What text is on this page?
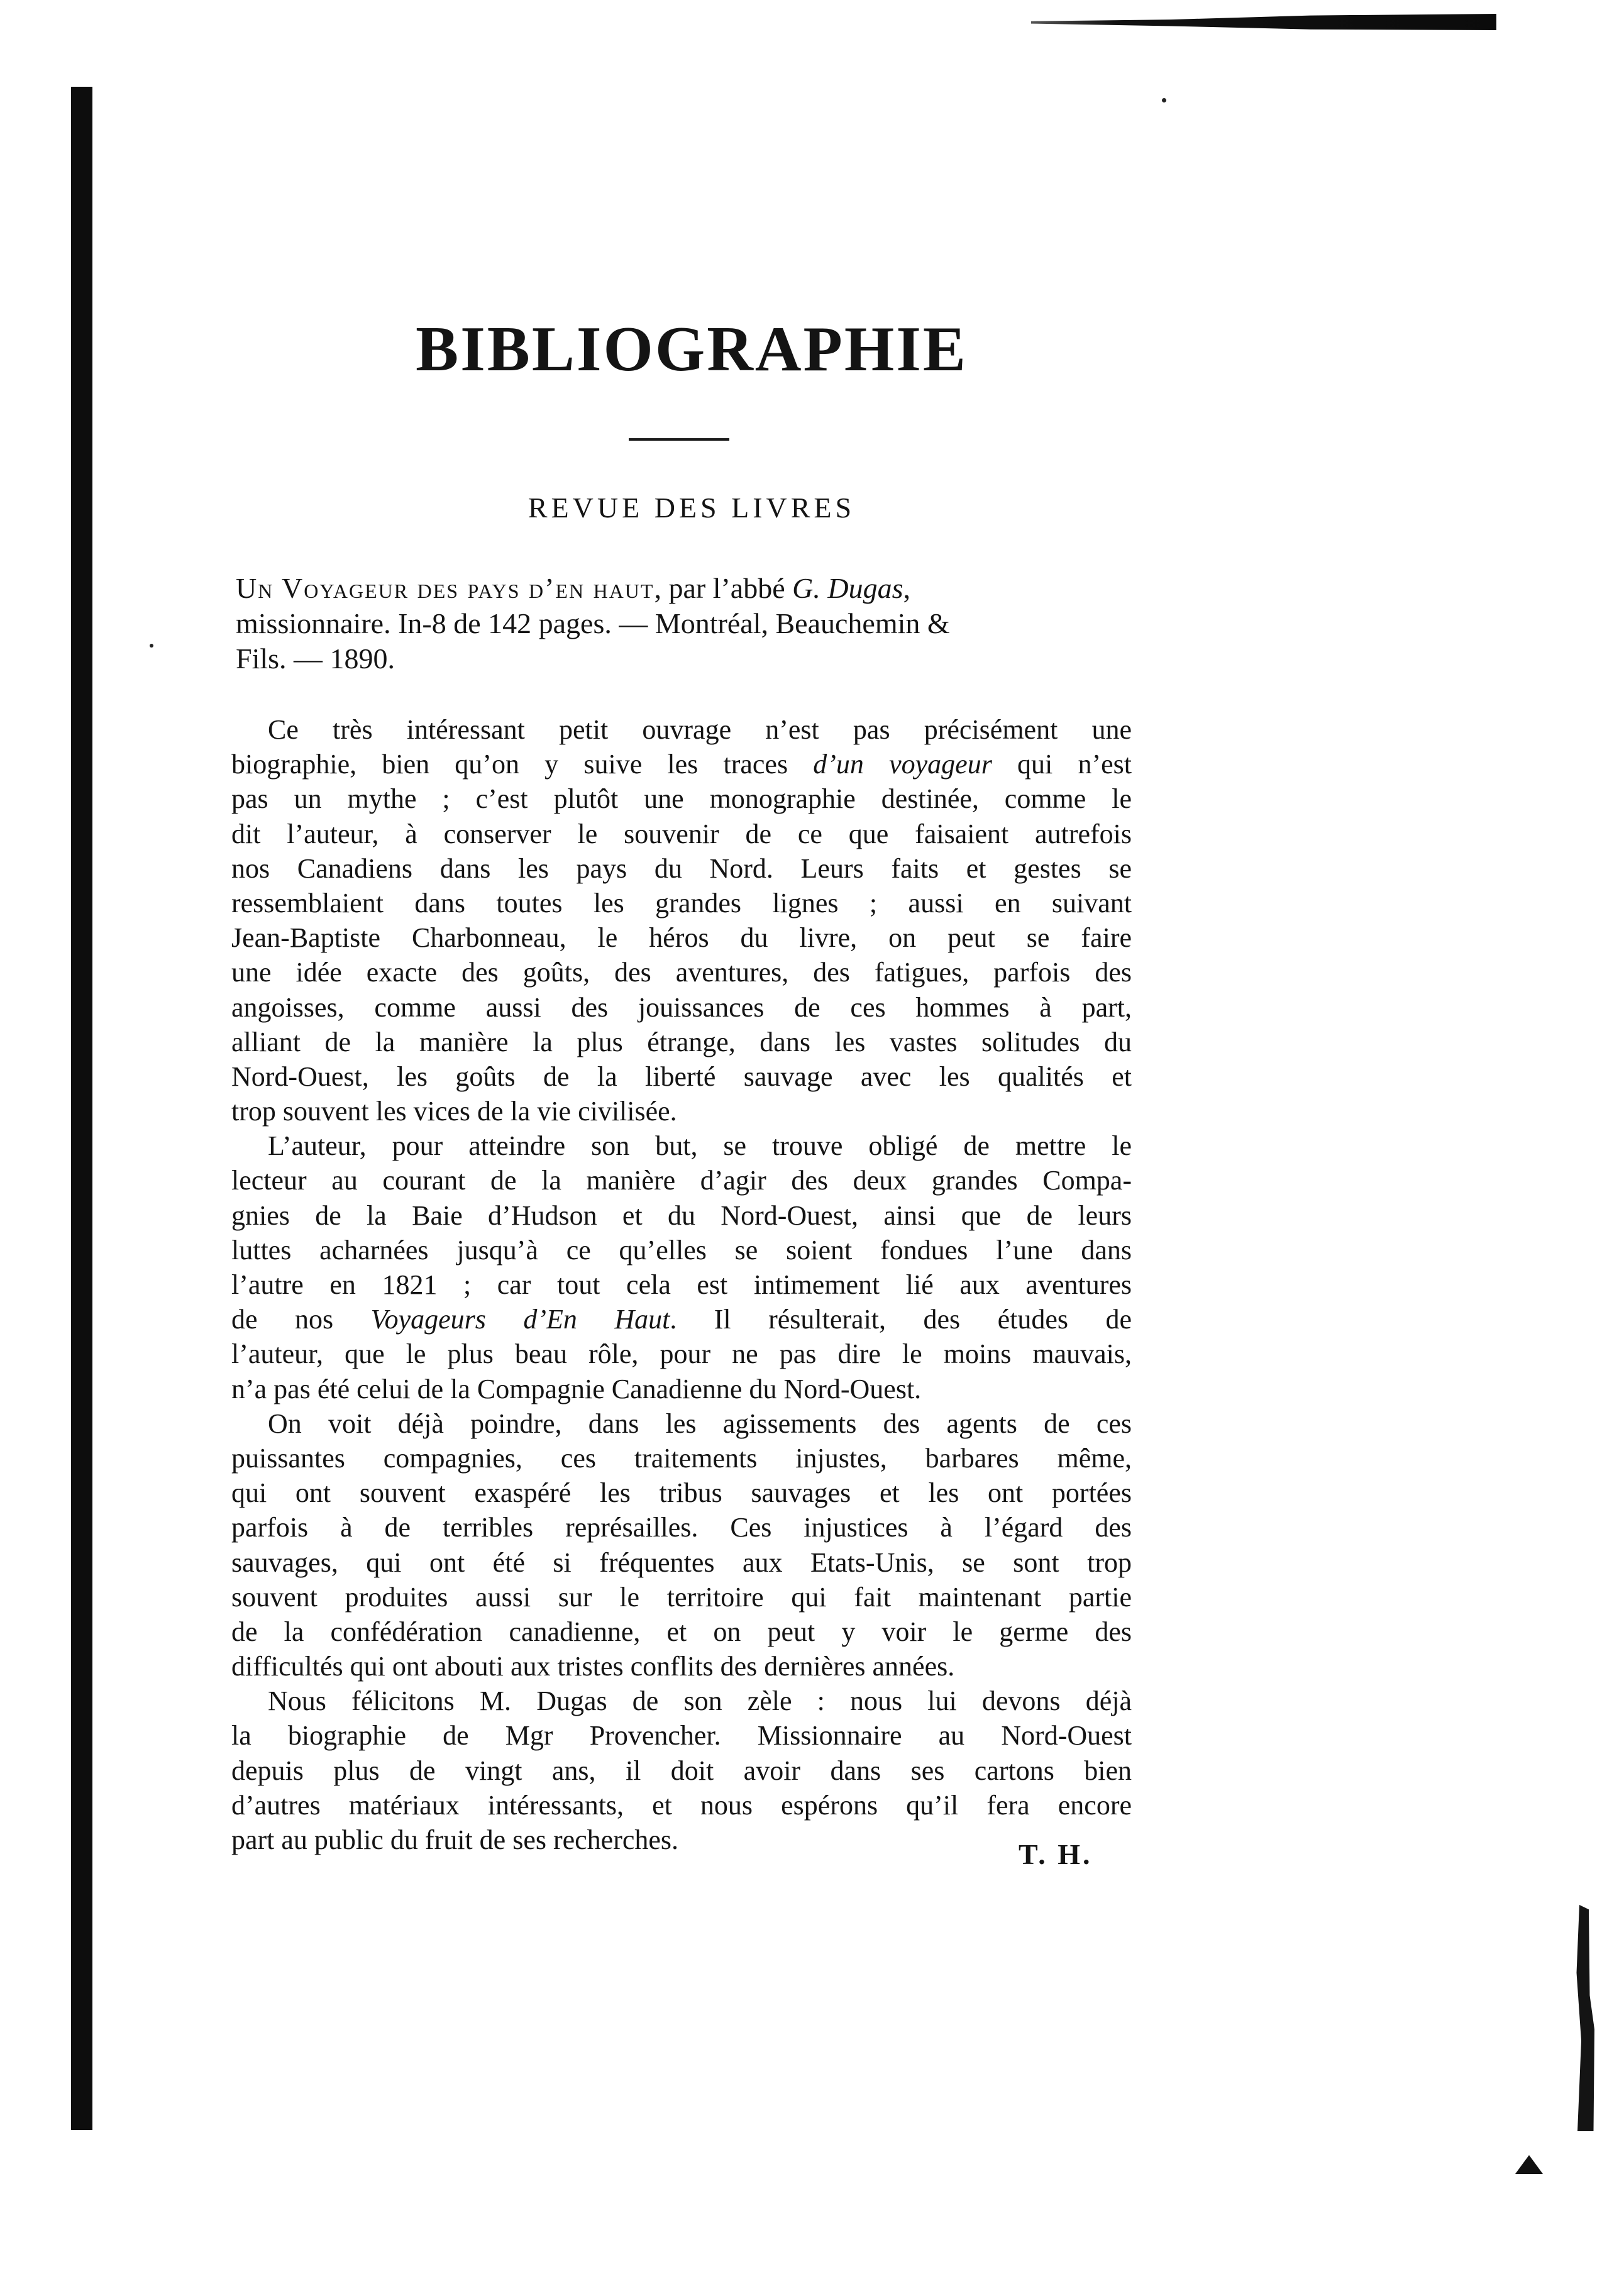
BIBLIOGRAPHIE
REVUE DES LIVRES
Un Voyageur des pays d’en haut, par l’abbé G. Dugas,
missionnaire. In-8 de 142 pages. — Montréal, Beauchemin &
Fils. — 1890.
Ce très intéressant petit ouvrage n’est pas précisément une
biographie, bien qu’on y suive les traces d’un voyageur qui n’est
pas un mythe ; c’est plutôt une monographie destinée, comme le
dit l’auteur, à conserver le souvenir de ce que faisaient autrefois
nos Canadiens dans les pays du Nord. Leurs faits et gestes se
ressemblaient dans toutes les grandes lignes ; aussi en suivant
Jean-Baptiste Charbonneau, le héros du livre, on peut se faire
une idée exacte des goûts, des aventures, des fatigues, parfois des
angoisses, comme aussi des jouissances de ces hommes à part,
alliant de la manière la plus étrange, dans les vastes solitudes du
Nord-Ouest, les goûts de la liberté sauvage avec les qualités et
trop souvent les vices de la vie civilisée.
L’auteur, pour atteindre son but, se trouve obligé de mettre le
lecteur au courant de la manière d’agir des deux grandes Compa-
gnies de la Baie d’Hudson et du Nord-Ouest, ainsi que de leurs
luttes acharnées jusqu’à ce qu’elles se soient fondues l’une dans
l’autre en 1821 ; car tout cela est intimement lié aux aventures
de nos Voyageurs d’En Haut. Il résulterait, des études de
l’auteur, que le plus beau rôle, pour ne pas dire le moins mauvais,
n’a pas été celui de la Compagnie Canadienne du Nord-Ouest.
On voit déjà poindre, dans les agissements des agents de ces
puissantes compagnies, ces traitements injustes, barbares même,
qui ont souvent exaspéré les tribus sauvages et les ont portées
parfois à de terribles représailles. Ces injustices à l’égard des
sauvages, qui ont été si fréquentes aux Etats-Unis, se sont trop
souvent produites aussi sur le territoire qui fait maintenant partie
de la confédération canadienne, et on peut y voir le germe des
difficultés qui ont abouti aux tristes conflits des dernières années.
Nous félicitons M. Dugas de son zèle : nous lui devons déjà
la biographie de Mgr Provencher. Missionnaire au Nord-Ouest
depuis plus de vingt ans, il doit avoir dans ses cartons bien
d’autres matériaux intéressants, et nous espérons qu’il fera encore
part au public du fruit de ses recherches.	T. H.
